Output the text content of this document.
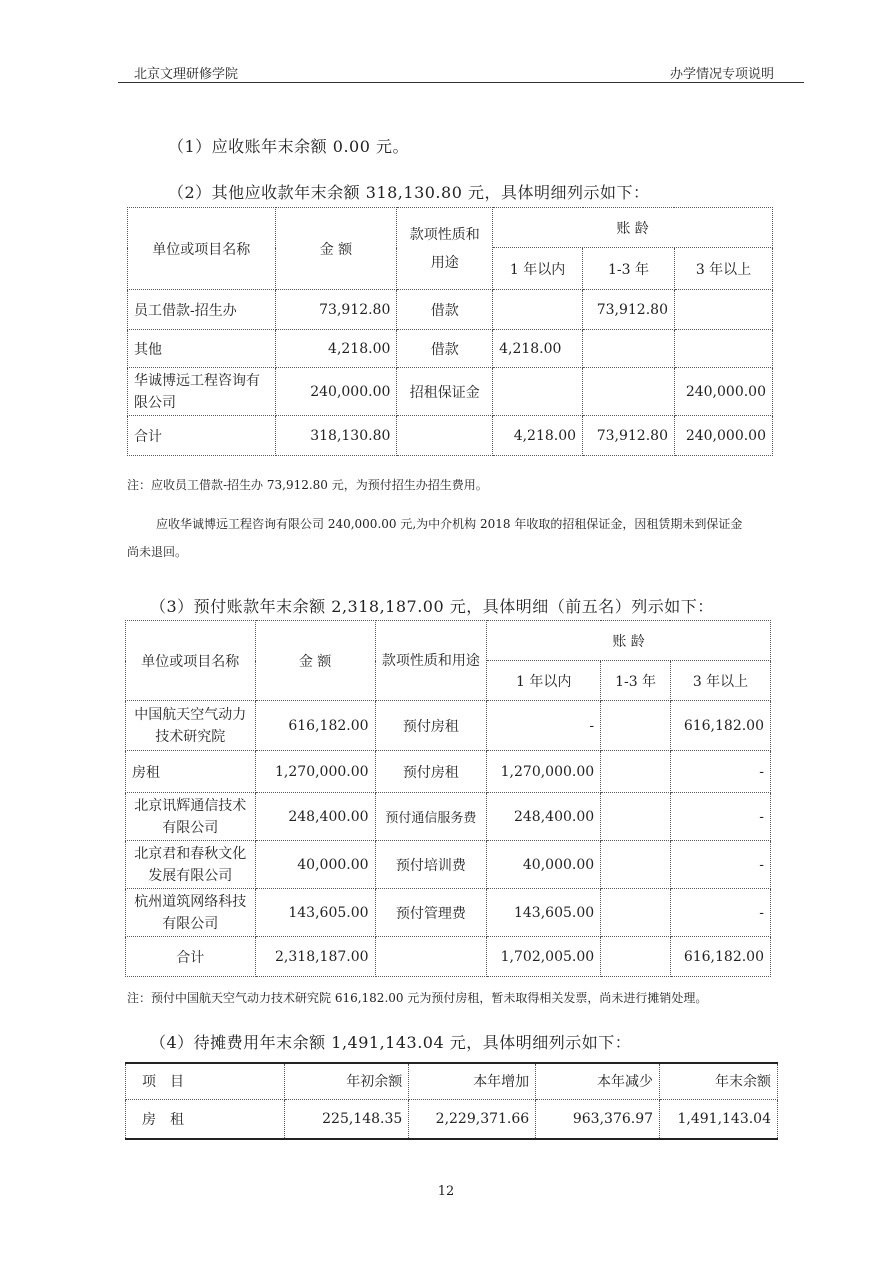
北京文理研修学院	办学情况专项说明
（1）应收账年末余额 0.00 元。
（2）其他应收款年末余额 318,130.80 元，具体明细列示如下：
单位或项目名称	金 额	款项性质和用途	账 龄		
			1 年以内	1-3 年	3 年以上
员工借款-招生办	73,912.80	借款		73,912.80	
其他	4,218.00	借款	4,218.00		
华诚博远工程咨询有限公司	240,000.00	招租保证金			240,000.00
合计	318,130.80		4,218.00	73,912.80	240,000.00
注：应收员工借款-招生办 73,912.80 元，为预付招生办招生费用。
应收华诚博远工程咨询有限公司 240,000.00 元,为中介机构 2018 年收取的招租保证金，因租赁期未到保证金
尚未退回。
（3）预付账款年末余额 2,318,187.00 元，具体明细（前五名）列示如下：
单位或项目名称	金 额	款项性质和用途	账 龄		
			1 年以内	1-3 年	3 年以上
中国航天空气动力技术研究院	616,182.00	预付房租	-		616,182.00
房租	1,270,000.00	预付房租	1,270,000.00		-
北京讯辉通信技术有限公司	248,400.00	预付通信服务费	248,400.00		-
北京君和春秋文化发展有限公司	40,000.00	预付培训费	40,000.00		-
杭州道筑网络科技有限公司	143,605.00	预付管理费	143,605.00		-
合计	2,318,187.00		1,702,005.00		616,182.00
注：预付中国航天空气动力技术研究院 616,182.00 元为预付房租，暂未取得相关发票，尚未进行摊销处理。
（4）待摊费用年末余额 1,491,143.04 元，具体明细列示如下：
项　目	年初余额	本年增加	本年减少	年末余额
房　租	225,148.35	2,229,371.66	963,376.97	1,491,143.04
12
